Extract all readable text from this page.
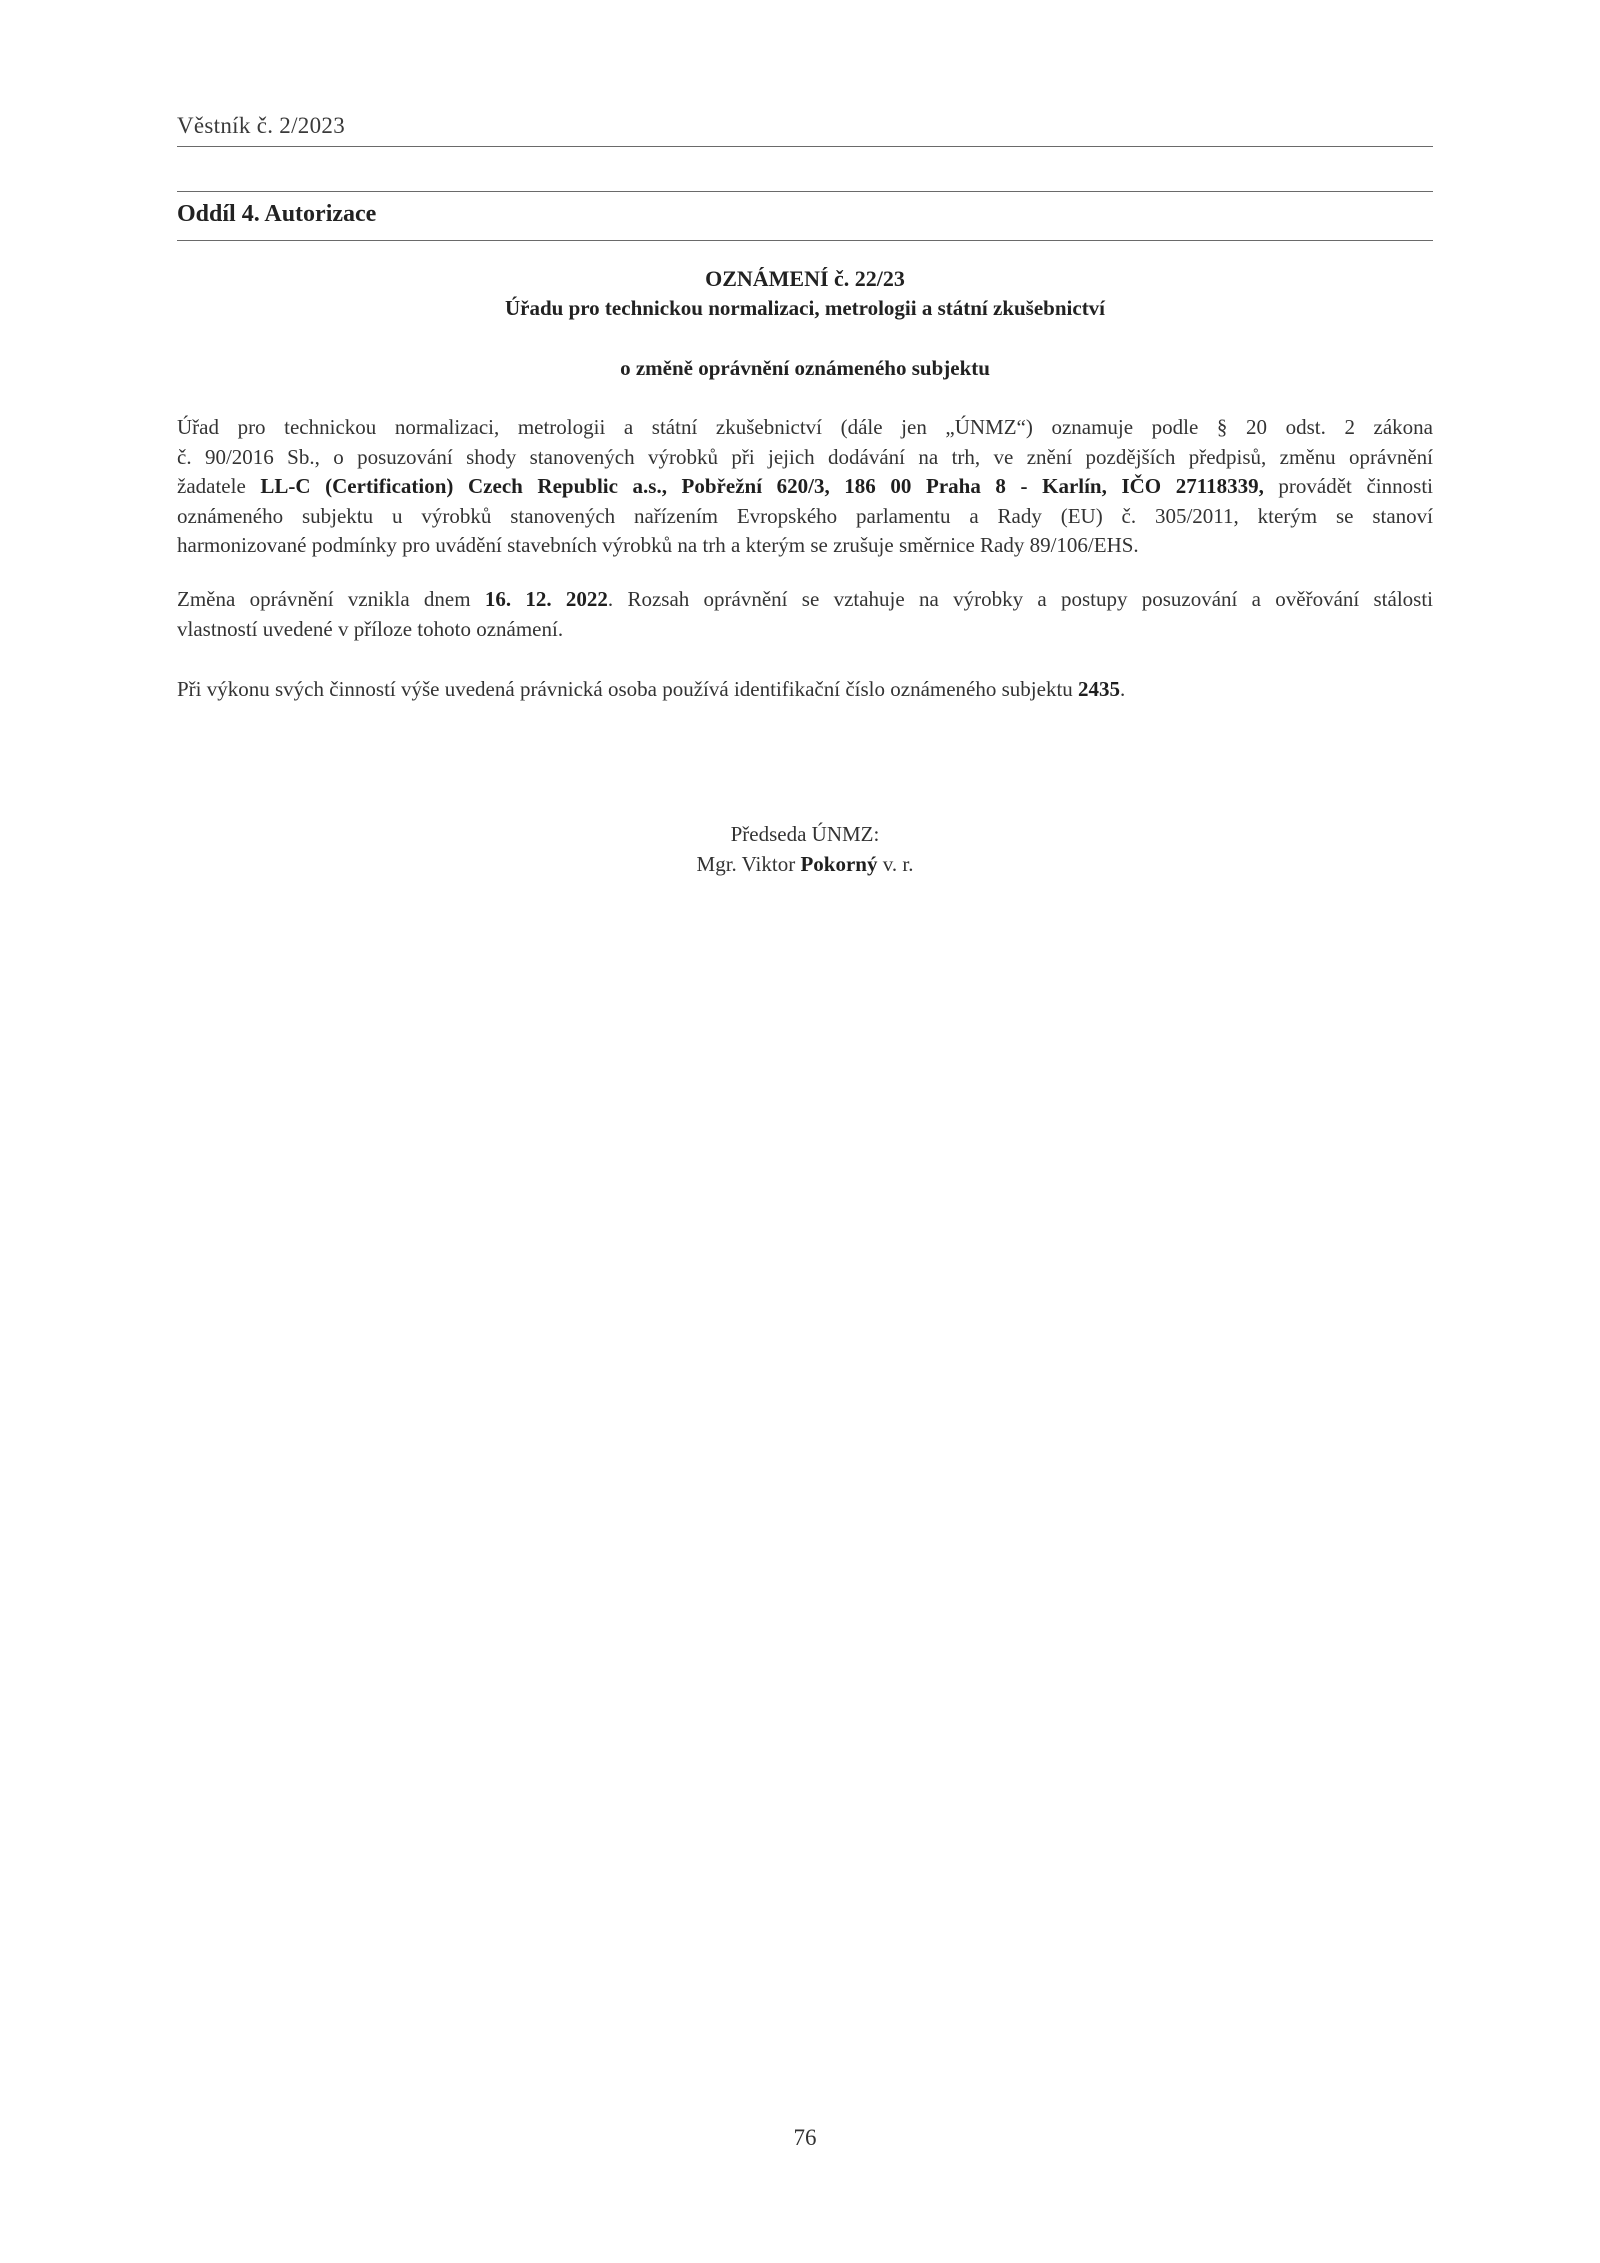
Věstník č. 2/2023
Oddíl 4. Autorizace
OZNÁMENÍ č. 22/23
Úřadu pro technickou normalizaci, metrologii a státní zkušebnictví
o změně oprávnění oznámeného subjektu
Úřad pro technickou normalizaci, metrologii a státní zkušebnictví (dále jen „ÚNMZ“) oznamuje podle § 20 odst. 2 zákona
č. 90/2016 Sb., o posuzování shody stanovených výrobků při jejich dodávání na trh, ve znění pozdějších předpisů, změnu oprávnění
žadatele LL-C (Certification) Czech Republic a.s., Pobřežní 620/3, 186 00 Praha 8 - Karlín, IČO 27118339, provádět činnosti
oznámeného subjektu u výrobků stanovených nařízením Evropského parlamentu a Rady (EU) č. 305/2011, kterým se stanoví
harmonizované podmínky pro uvádění stavebních výrobků na trh a kterým se zrušuje směrnice Rady 89/106/EHS.
Změna oprávnění vznikla dnem 16. 12. 2022. Rozsah oprávnění se vztahuje na výrobky a postupy posuzování a ověřování stálosti
vlastností uvedené v příloze tohoto oznámení.
Při výkonu svých činností výše uvedená právnická osoba používá identifikační číslo oznámeného subjektu 2435.
Předseda ÚNMZ:
Mgr. Viktor Pokorný v. r.
76
